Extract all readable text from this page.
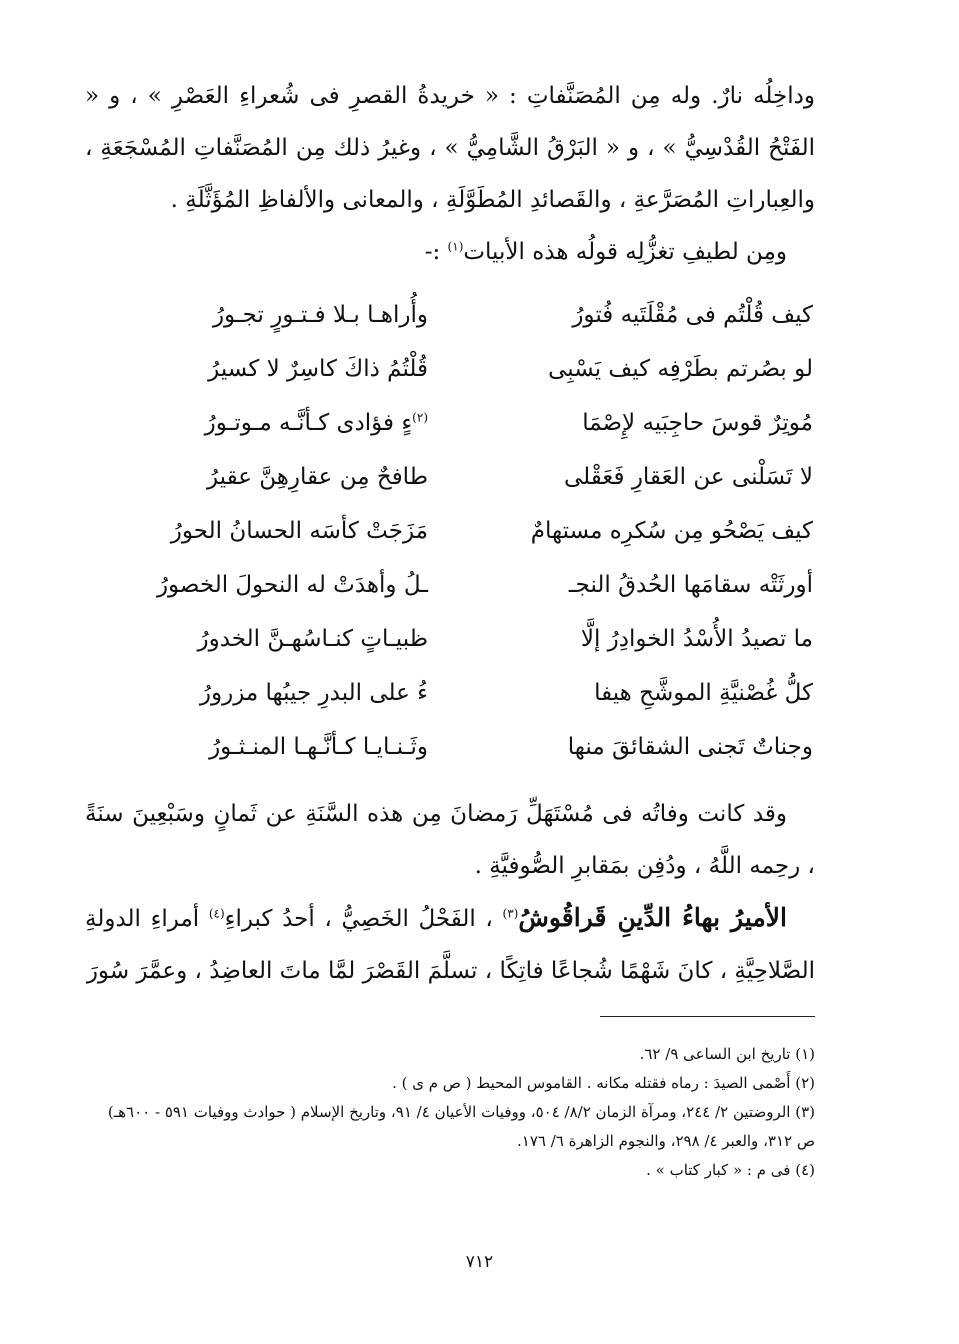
وداخِلُه نارٌ. وله مِن المُصَنَّفاتِ : « خريدةُ القصرِ فى شُعراءِ العَصْرِ » ، و « الفَتْحُ القُدْسِيُّ » ، و « البَرْقُ الشَّامِيُّ » ، وغيرُ ذلك مِن المُصَنَّفاتِ المُسْجَعَةِ ، والعِباراتِ المُصَرَّعةِ ، والقَصائدِ المُطَوَّلَةِ ، والمعانى والألفاظِ المُؤَثَّلَةِ .

ومِن لطيفِ تغزُّلِه قولُه هذه الأبيات$^{(١)}$ :-

كيف قُلْتُم فى مُقْلَتَيه فُتورُ
وأُراهـا بـلا فـتـورٍ تجـورُ
لو بصُرتم بطَرْفِه كيف يَسْبِى
قُلْتُمُ ذاكَ كاسِرٌ لا كسيرُ
مُوتِرٌ قوسَ حاجِبَيه لإِصْمَا
$^{(٢)}$ءٍ فؤادى كـأنَّـه مـوتـورُ
لا تَسَلْنى عن العَقارِ فَعَقْلى
طافحٌ مِن عقارِهِنَّ عقيرُ
كيف يَصْحُو مِن سُكرِه مستهامٌ
مَزَجَتْ كأسَه الحسانُ الحورُ
أورثَتْه سقامَها الحُدقُ النجـ
ـلُ وأهدَتْ له النحولَ الخصورُ
ما تصيدُ الأُسْدُ الخوادِرُ إلَّا
ظبيـاتٍ كنـاسُهـنَّ الخدورُ
كلُّ غُصْنيَّةِ الموشَّحِ هيفا
ءُ على البدرِ جيبُها مزرورُ
وجناتٌ تَجنى الشقائقَ منها
وثَـنـايـا كـأنَّـهـا المنـثـورُ

وقد كانت وفاتُه فى مُسْتَهَلِّ رَمضانَ مِن هذه السَّنَةِ عن ثَمانٍ وسَبْعِينَ سنَةً ، رحِمه اللَّهُ ، ودُفِن بمَقابرِ الصُّوفيَّةِ .

الأميرُ بهاءُ الدِّينِ قَراقُوشُ$^{(٣)}$ ، الفَحْلُ الخَصِيُّ ، أحدُ كبراءِ$^{(٤)}$ أمراءِ الدولةِ الصَّلاحِيَّةِ ، كانَ شَهْمًا شُجاعًا فاتِكًا ، تسلَّمَ القَصْرَ لمَّا ماتَ العاضِدُ ، وعمَّرَ سُورَ

(١) تاريخ ابن الساعى ٩/ ٦٢.

(٢) أَصْمى الصيدَ : رماه فقتله مكانه . القاموس المحيط ( ص م ى ) .

(٣) الروضتين ٢/ ٢٤٤، ومرآة الزمان ٨/٢/ ٥٠٤، ووفيات الأعيان ٤/ ٩١، وتاريخ الإسلام ( حوادث ووفيات ٥٩١ - ٦٠٠هـ) ص ٣١٢، والعبر ٤/ ٢٩٨، والنجوم الزاهرة ٦/ ١٧٦.

(٤) فى م : « كبار كتاب » .

٧١٢
